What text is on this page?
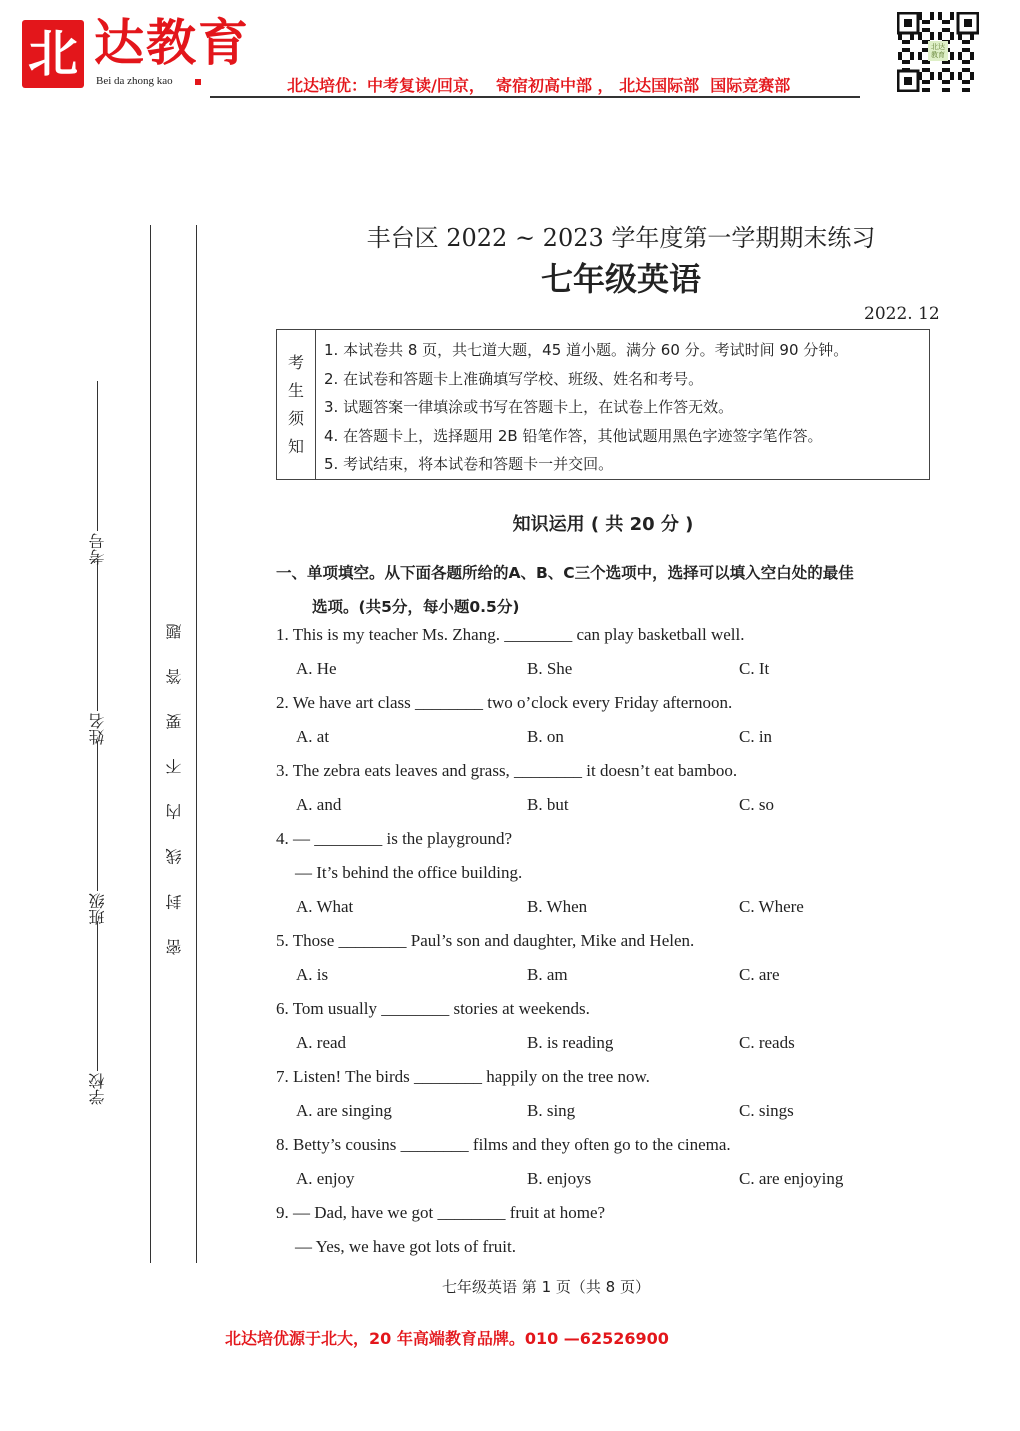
北 达教育
Bei da zhong kao	北达培优：中考复读/回京，  寄宿初高中部 ， 北达国际部  国际竞赛部
北达教育
学校
班级
姓名
考号
密 封 线 内 不 要 答 题
丰台区 2022 ~ 2023 学年度第一学期期末练习
七年级英语
2022. 12
考
生
须
知
1. 本试卷共 8 页，共七道大题，45 道小题。满分 60 分。考试时间 90 分钟。
2. 在试卷和答题卡上准确填写学校、班级、姓名和考号。
3. 试题答案一律填涂或书写在答题卡上，在试卷上作答无效。
4. 在答题卡上，选择题用 2B 铅笔作答，其他试题用黑色字迹签字笔作答。
5. 考试结束，将本试卷和答题卡一并交回。
知识运用 ( 共 20 分 )
一、单项填空。从下面各题所给的A、B、C三个选项中，选择可以填入空白处的最佳
选项。(共5分，每小题0.5分)
1. This is my teacher Ms. Zhang. ________ can play basketball well.
A. He	B. She	C. It
2. We have art class ________ two o’clock every Friday afternoon.
A. at	B. on	C. in
3. The zebra eats leaves and grass, ________ it doesn’t eat bamboo.
A. and	B. but	C. so
4. — ________ is the playground?
— It’s behind the office building.
A. What	B. When	C. Where
5. Those ________ Paul’s son and daughter, Mike and Helen.
A. is	B. am	C. are
6. Tom usually ________ stories at weekends.
A. read	B. is reading	C. reads
7. Listen! The birds ________ happily on the tree now.
A. are singing	B. sing	C. sings
8. Betty’s cousins ________ films and they often go to the cinema.
A. enjoy	B. enjoys	C. are enjoying
9. — Dad, have we got ________ fruit at home?
— Yes, we have got lots of fruit.
七年级英语 第 1 页（共 8 页）
北达培优源于北大，20 年高端教育品牌。010 —62526900
